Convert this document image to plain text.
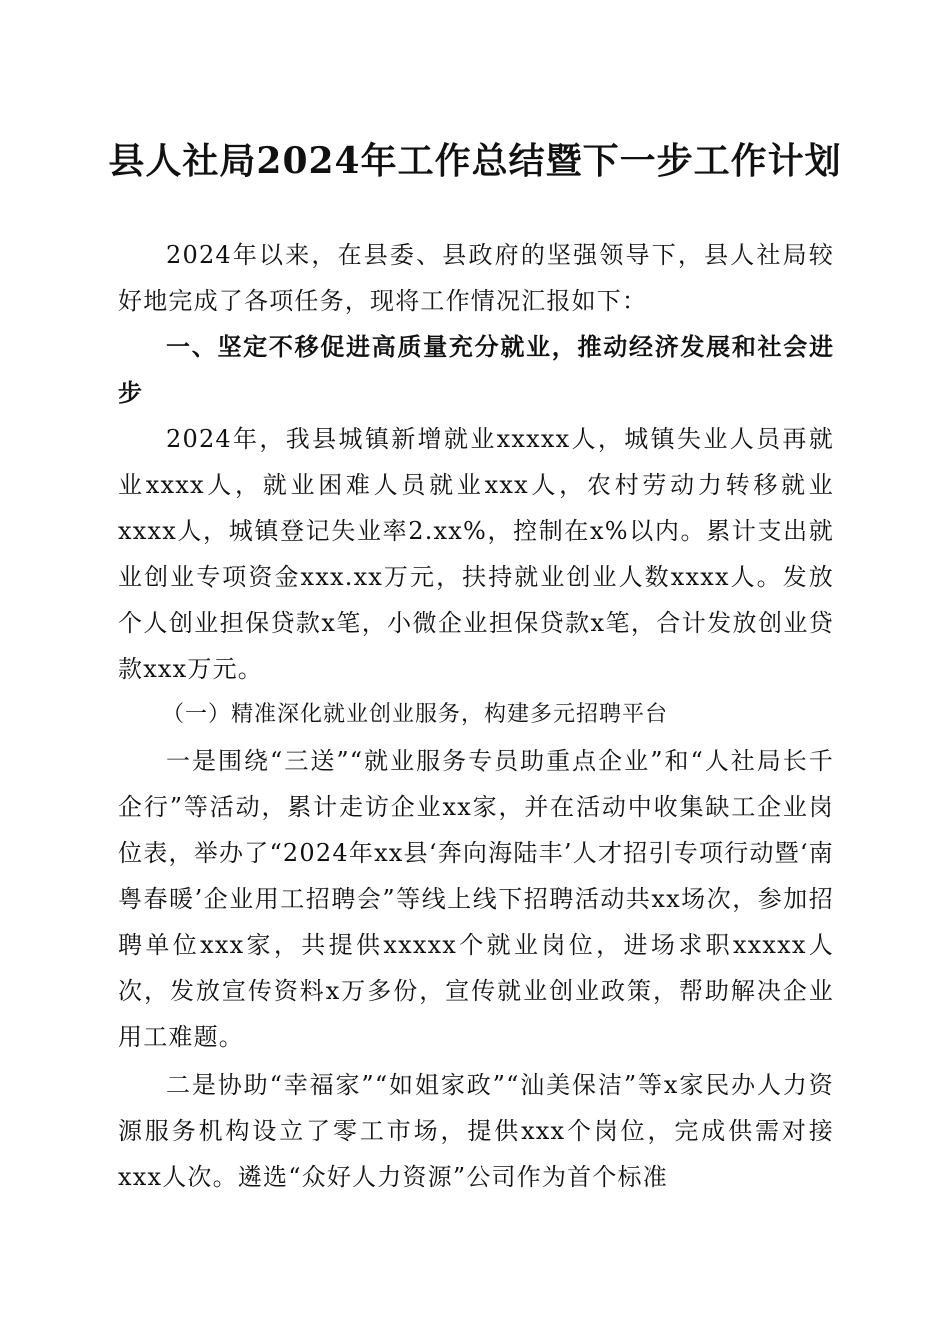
县人社局2024年工作总结暨下一步工作计划

2024年以来，在县委、县政府的坚强领导下，县人社局较好地完成了各项任务，现将工作情况汇报如下：

一、坚定不移促进高质量充分就业，推动经济发展和社会进步

2024年，我县城镇新增就业xxxxx人，城镇失业人员再就业xxxx人，就业困难人员就业xxx人，农村劳动力转移就业xxxx人，城镇登记失业率2.xx%，控制在x%以内。累计支出就业创业专项资金xxx.xx万元，扶持就业创业人数xxxx人。发放个人创业担保贷款x笔，小微企业担保贷款x笔，合计发放创业贷款xxx万元。

（一）精准深化就业创业服务，构建多元招聘平台

一是围绕“三送”“就业服务专员助重点企业”和“人社局长千企行”等活动，累计走访企业xx家，并在活动中收集缺工企业岗位表，举办了“2024年xx县‘奔向海陆丰’人才招引专项行动暨‘南粤春暖’企业用工招聘会”等线上线下招聘活动共xx场次，参加招聘单位xxx家，共提供xxxxx个就业岗位，进场求职xxxxx人次，发放宣传资料x万多份，宣传就业创业政策，帮助解决企业用工难题。

二是协助“幸福家”“如姐家政”“汕美保洁”等x家民办人力资源服务机构设立了零工市场，提供xxx个岗位，完成供需对接xxx人次。遴选“众好人力资源”公司作为首个标准
